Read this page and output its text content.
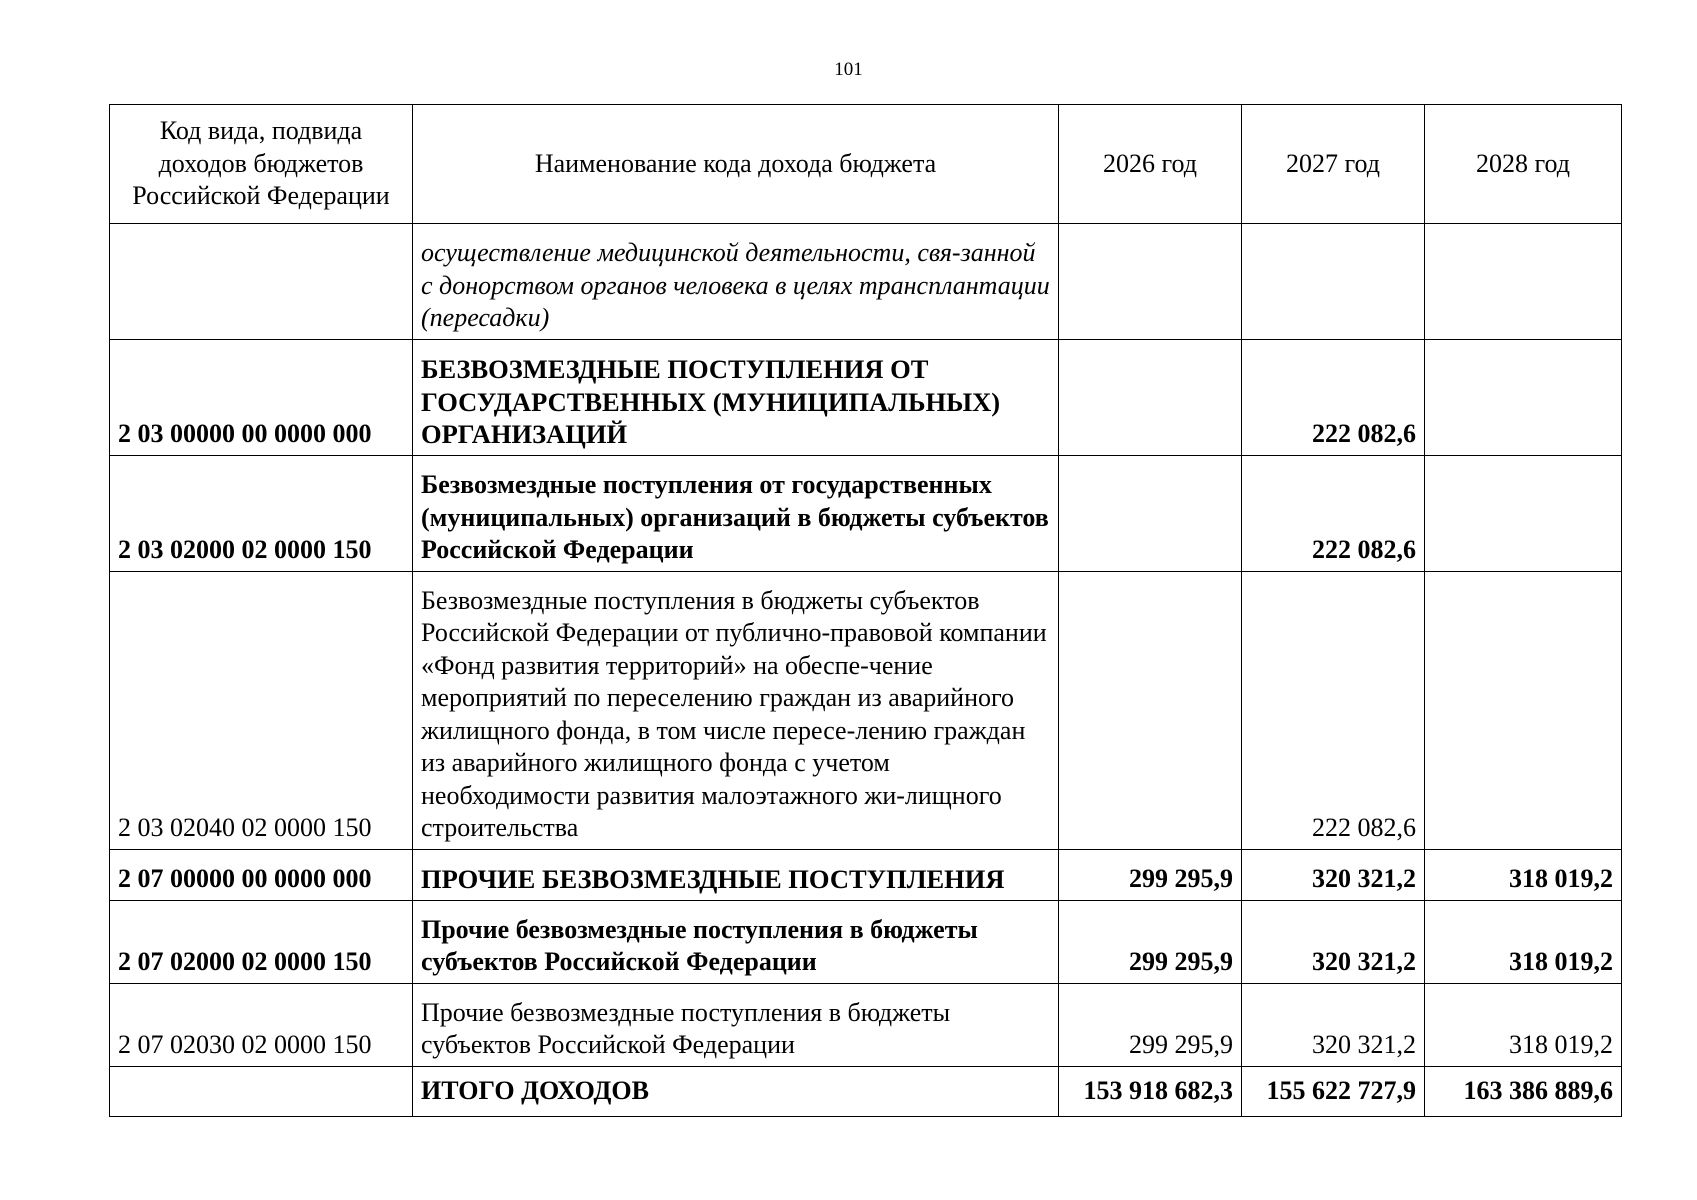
101
Код вида, подвида доходов бюджетов Российской Федерации	Наименование кода дохода бюджета	2026 год	2027 год	2028 год
	осуществление медицинской деятельности, свя-занной с донорством органов человека в целях трансплантации (пересадки)			
2 03 00000 00 0000 000	БЕЗВОЗМЕЗДНЫЕ ПОСТУПЛЕНИЯ ОТ ГОСУДАРСТВЕННЫХ (МУНИЦИПАЛЬНЫХ) ОРГАНИЗАЦИЙ		222 082,6	
2 03 02000 02 0000 150	Безвозмездные поступления от государственных (муниципальных) организаций в бюджеты субъектов Российской Федерации		222 082,6	
2 03 02040 02 0000 150	Безвозмездные поступления в бюджеты субъектов Российской Федерации от публично-правовой компании «Фонд развития территорий» на обеспе-чение мероприятий по переселению граждан из аварийного жилищного фонда, в том числе пересе-лению граждан из аварийного жилищного фонда с учетом необходимости развития малоэтажного жи-лищного строительства		222 082,6	
2 07 00000 00 0000 000	ПРОЧИЕ БЕЗВОЗМЕЗДНЫЕ ПОСТУПЛЕНИЯ	299 295,9	320 321,2	318 019,2
2 07 02000 02 0000 150	Прочие безвозмездные поступления в бюджеты субъектов Российской Федерации	299 295,9	320 321,2	318 019,2
2 07 02030 02 0000 150	Прочие безвозмездные поступления в бюджеты субъектов Российской Федерации	299 295,9	320 321,2	318 019,2
	ИТОГО ДОХОДОВ	153 918 682,3	155 622 727,9	163 386 889,6
